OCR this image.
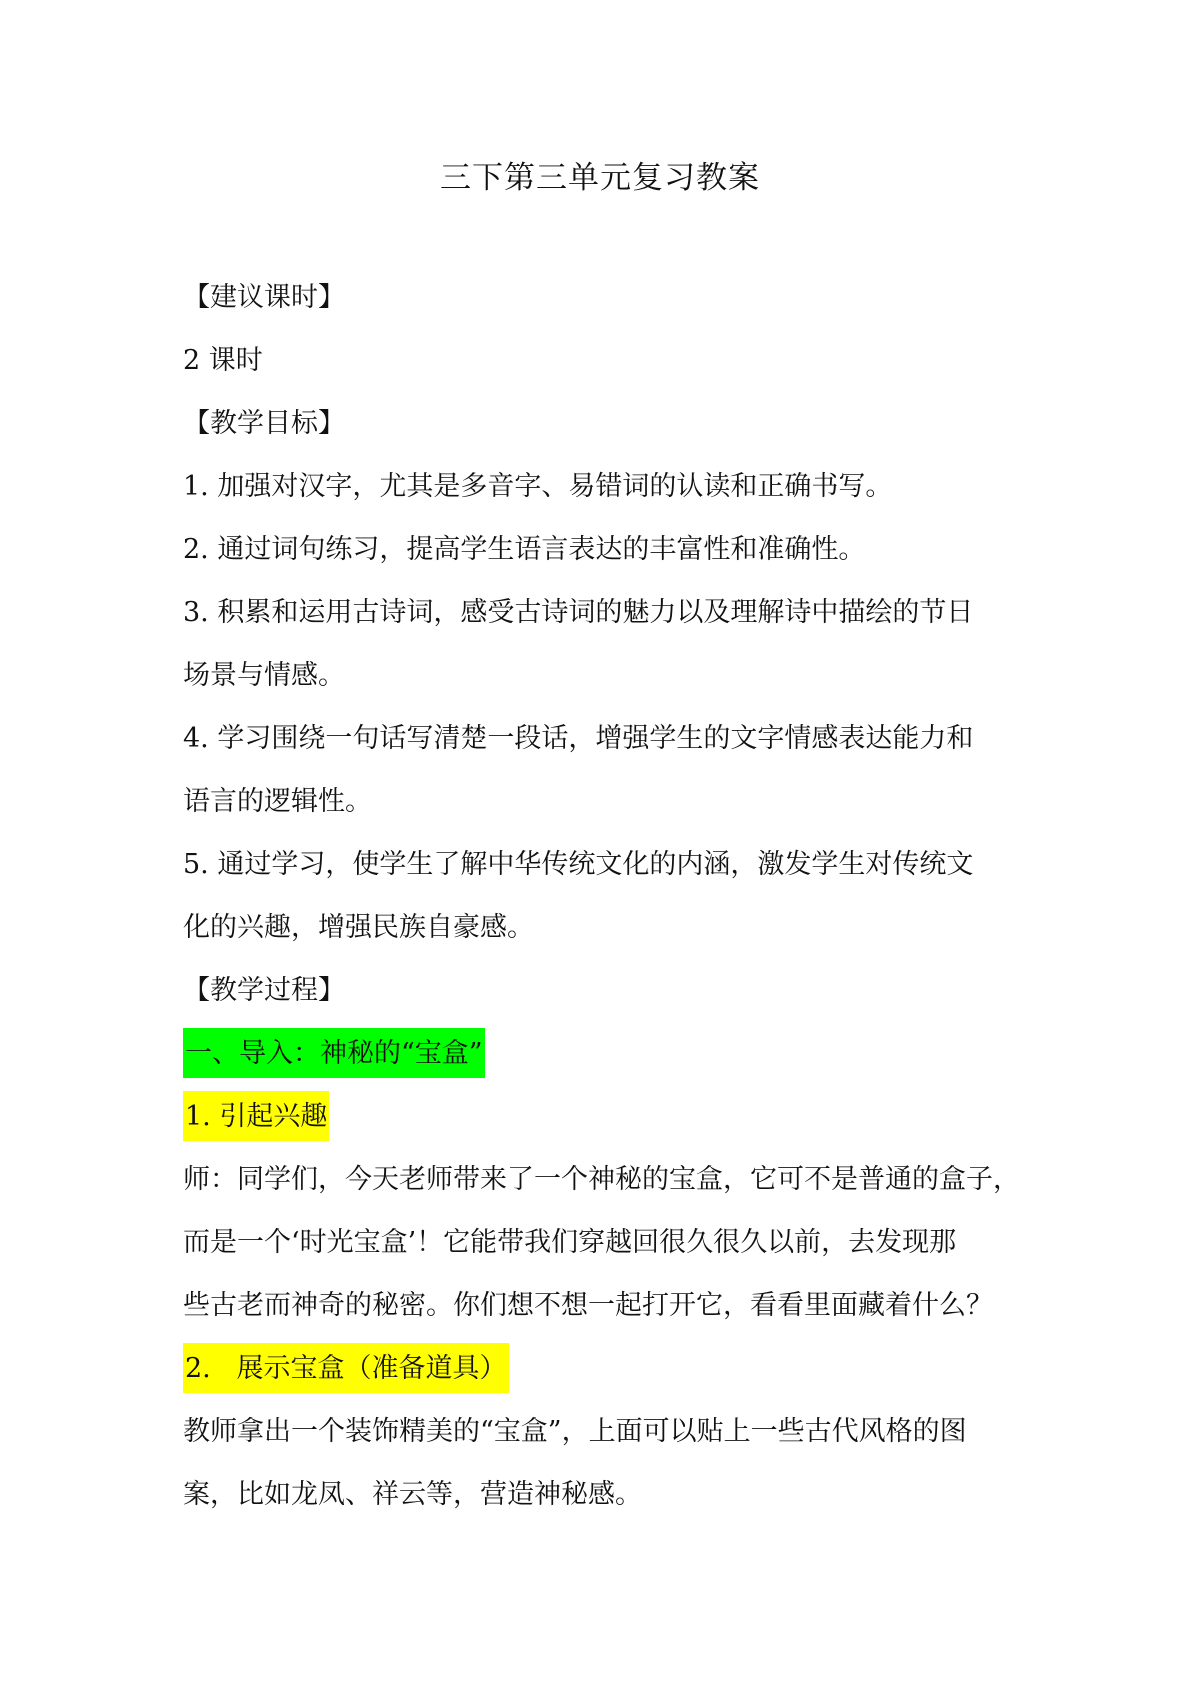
三下第三单元复习教案
【建议课时】
2 课时
【教学目标】
1. 加强对汉字，尤其是多音字、易错词的认读和正确书写。
2. 通过词句练习，提高学生语言表达的丰富性和准确性。
3. 积累和运用古诗词，感受古诗词的魅力以及理解诗中描绘的节日
场景与情感。
4. 学习围绕一句话写清楚一段话，增强学生的文字情感表达能力和
语言的逻辑性。
5. 通过学习，使学生了解中华传统文化的内涵，激发学生对传统文
化的兴趣，增强民族自豪感。
【教学过程】
一、导入：神秘的“宝盒”
1. 引起兴趣
师：同学们，今天老师带来了一个神秘的宝盒，它可不是普通的盒子，
而是一个‘时光宝盒’！它能带我们穿越回很久很久以前，去发现那
些古老而神奇的秘密。你们想不想一起打开它，看看里面藏着什么？
2.   展示宝盒（准备道具）
教师拿出一个装饰精美的“宝盒”，上面可以贴上一些古代风格的图
案，比如龙凤、祥云等，营造神秘感。
